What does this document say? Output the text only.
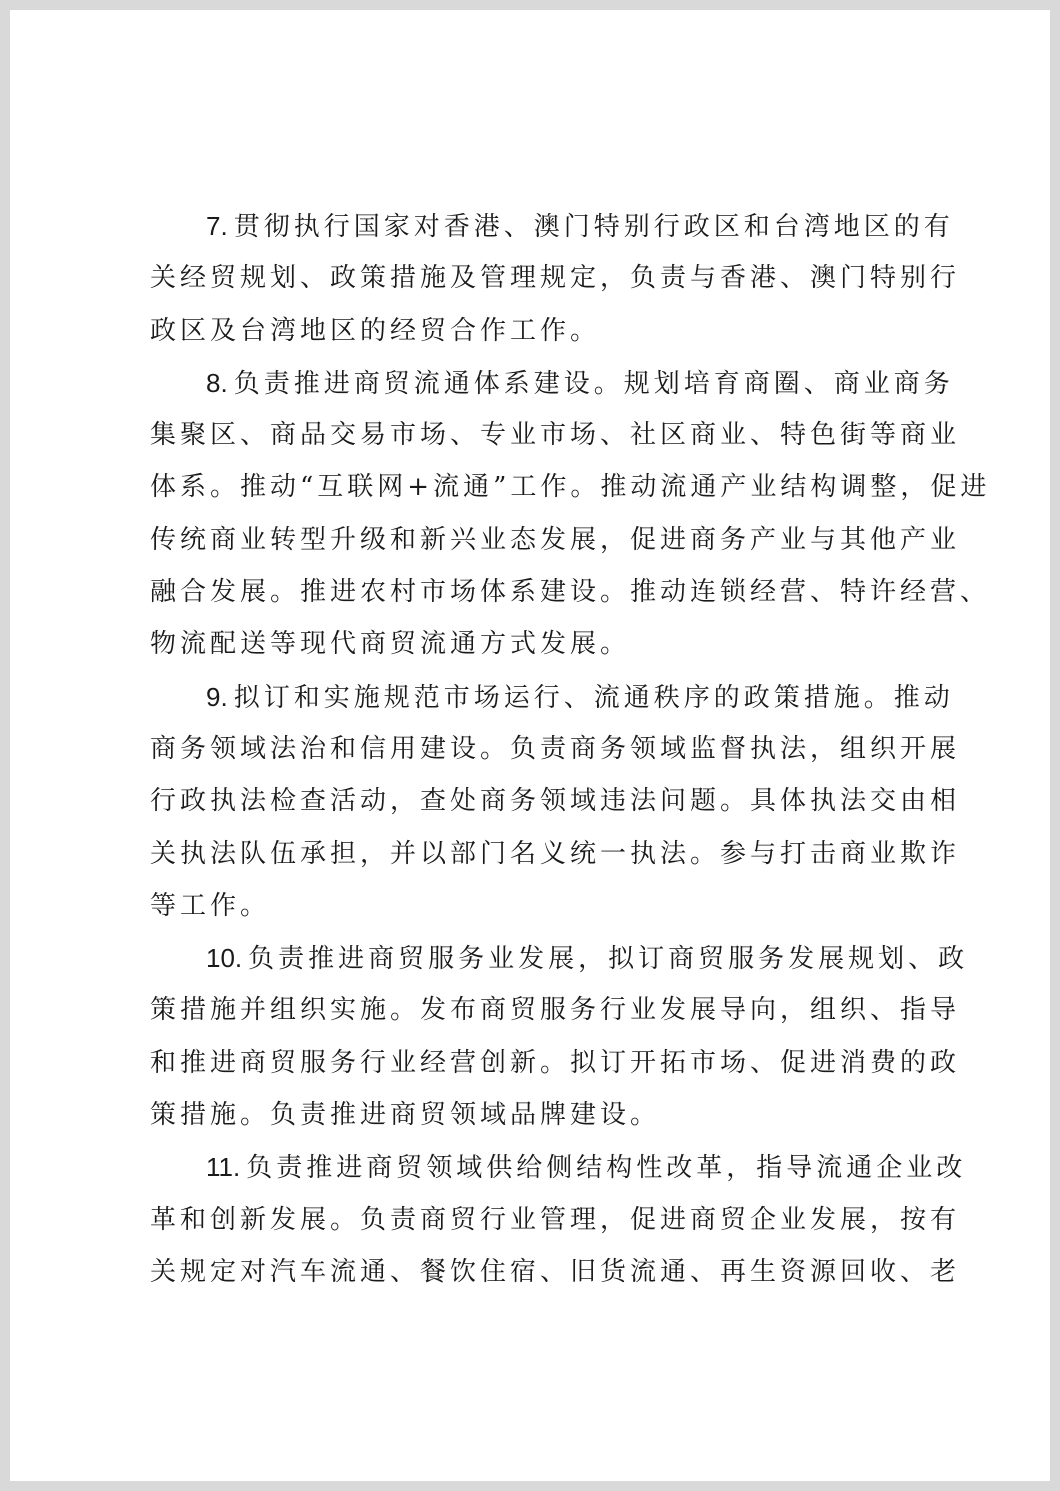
7. 贯彻执行国家对香港、澳门特别行政区和台湾地区的有
关经贸规划、政策措施及管理规定，负责与香港、澳门特别行
政区及台湾地区的经贸合作工作。
8. 负责推进商贸流通体系建设。规划培育商圈、商业商务
集聚区、商品交易市场、专业市场、社区商业、特色街等商业
体系。推动“互联网+流通”工作。推动流通产业结构调整，促进
传统商业转型升级和新兴业态发展，促进商务产业与其他产业
融合发展。推进农村市场体系建设。推动连锁经营、特许经营、
物流配送等现代商贸流通方式发展。
9. 拟订和实施规范市场运行、流通秩序的政策措施。推动
商务领域法治和信用建设。负责商务领域监督执法，组织开展
行政执法检查活动，查处商务领域违法问题。具体执法交由相
关执法队伍承担，并以部门名义统一执法。参与打击商业欺诈
等工作。
10. 负责推进商贸服务业发展，拟订商贸服务发展规划、政
策措施并组织实施。发布商贸服务行业发展导向，组织、指导
和推进商贸服务行业经营创新。拟订开拓市场、促进消费的政
策措施。负责推进商贸领域品牌建设。
11. 负责推进商贸领域供给侧结构性改革，指导流通企业改
革和创新发展。负责商贸行业管理，促进商贸企业发展，按有
关规定对汽车流通、餐饮住宿、旧货流通、再生资源回收、老
